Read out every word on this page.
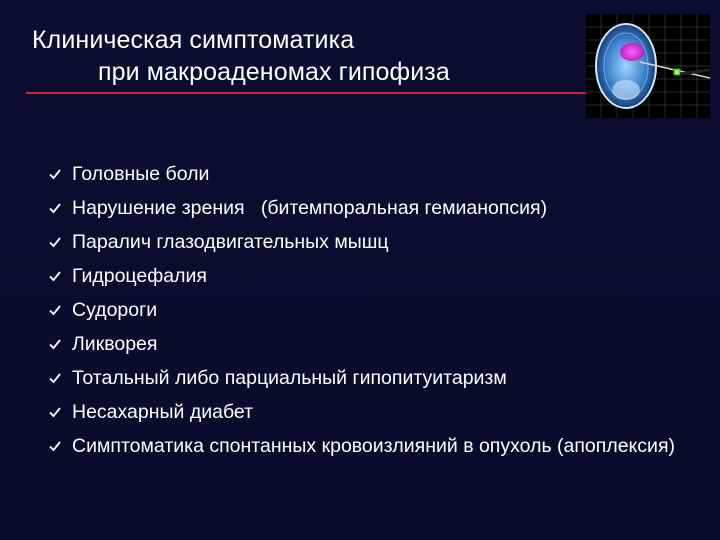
Клиническая симптоматика
при макроаденомах гипофиза
Головные боли
Нарушение зрения   (битемпоральная гемианопсия)
Паралич глазодвигательных мышц
Гидроцефалия
Судороги
Ликворея
Тотальный либо парциальный гипопитуитаризм
Несахарный диабет
Симптоматика спонтанных кровоизлияний в опухоль (апоплексия)
